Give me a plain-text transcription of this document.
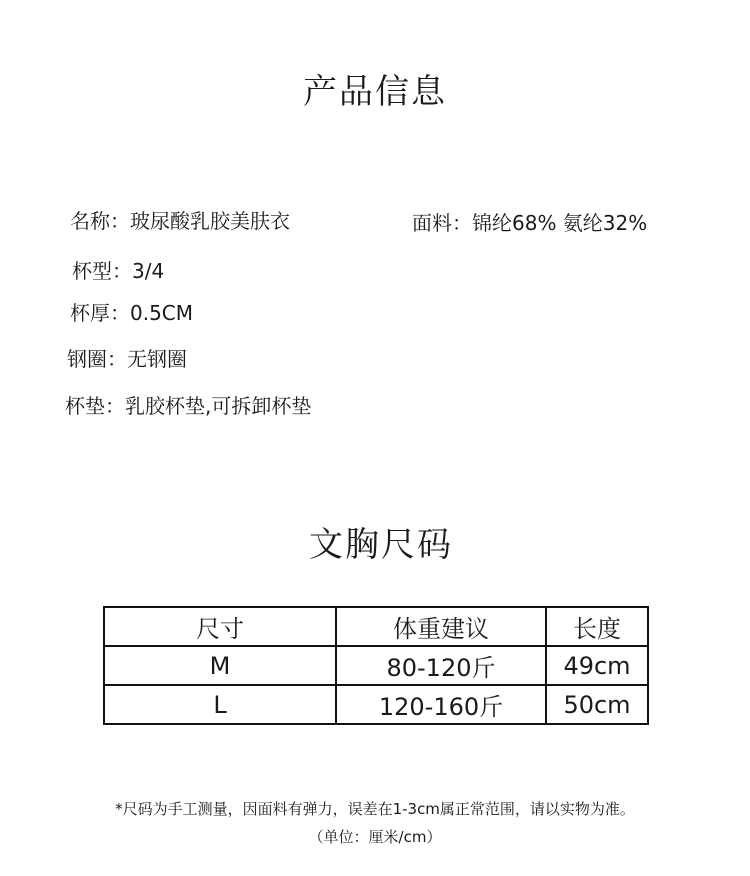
产品信息
名称：玻尿酸乳胶美肤衣	面料：锦纶68% 氨纶32%
杯型：3/4
杯厚：0.5CM
钢圈：无钢圈
杯垫：乳胶杯垫,可拆卸杯垫
文胸尺码
尺寸	体重建议	长度
M	80-120斤	49cm
L	120-160斤	50cm
*尺码为手工测量，因面料有弹力，误差在1-3cm属正常范围，请以实物为准。
（单位：厘米/cm）
